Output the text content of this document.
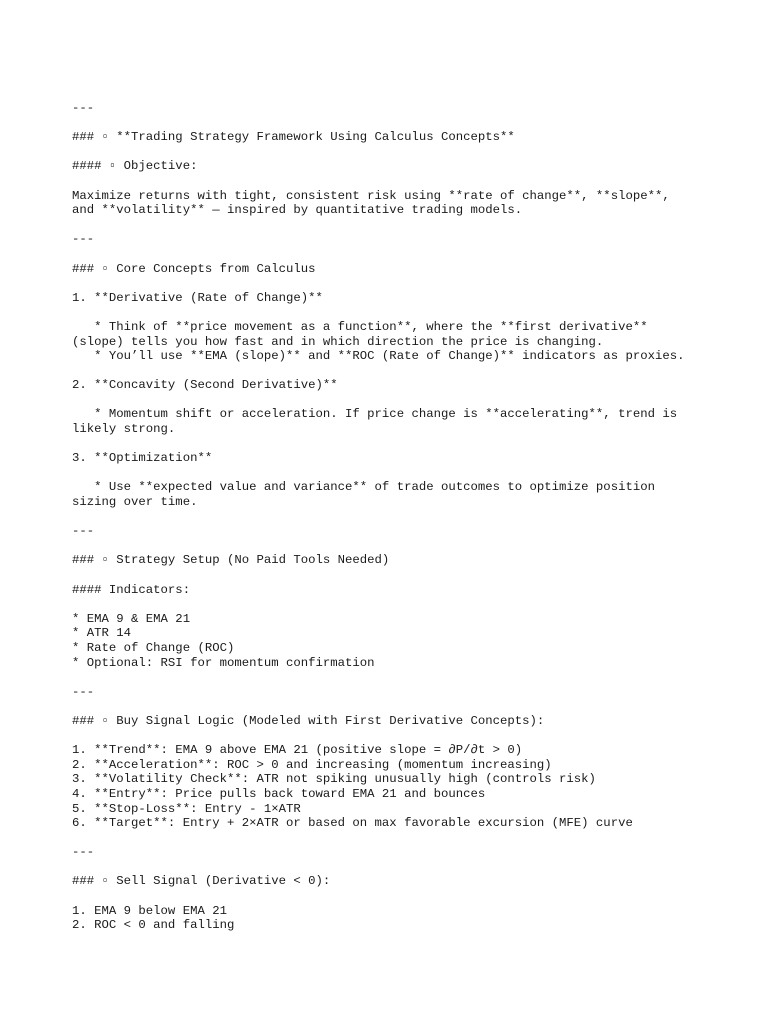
---
### ▫ **Trading Strategy Framework Using Calculus Concepts**
#### ▫ Objective:
Maximize returns with tight, consistent risk using **rate of change**, **slope**,
and **volatility** — inspired by quantitative trading models.
---
### ▫ Core Concepts from Calculus
1. **Derivative (Rate of Change)**
* Think of **price movement as a function**, where the **first derivative**
(slope) tells you how fast and in which direction the price is changing.
* You’ll use **EMA (slope)** and **ROC (Rate of Change)** indicators as proxies.
2. **Concavity (Second Derivative)**
* Momentum shift or acceleration. If price change is **accelerating**, trend is
likely strong.
3. **Optimization**
* Use **expected value and variance** of trade outcomes to optimize position
sizing over time.
---
### ▫ Strategy Setup (No Paid Tools Needed)
#### Indicators:
* EMA 9 & EMA 21
* ATR 14
* Rate of Change (ROC)
* Optional: RSI for momentum confirmation
---
### ▫ Buy Signal Logic (Modeled with First Derivative Concepts):
1. **Trend**: EMA 9 above EMA 21 (positive slope = ∂P/∂t > 0)
2. **Acceleration**: ROC > 0 and increasing (momentum increasing)
3. **Volatility Check**: ATR not spiking unusually high (controls risk)
4. **Entry**: Price pulls back toward EMA 21 and bounces
5. **Stop-Loss**: Entry - 1×ATR
6. **Target**: Entry + 2×ATR or based on max favorable excursion (MFE) curve
---
### ▫ Sell Signal (Derivative < 0):
1. EMA 9 below EMA 21
2. ROC < 0 and falling
